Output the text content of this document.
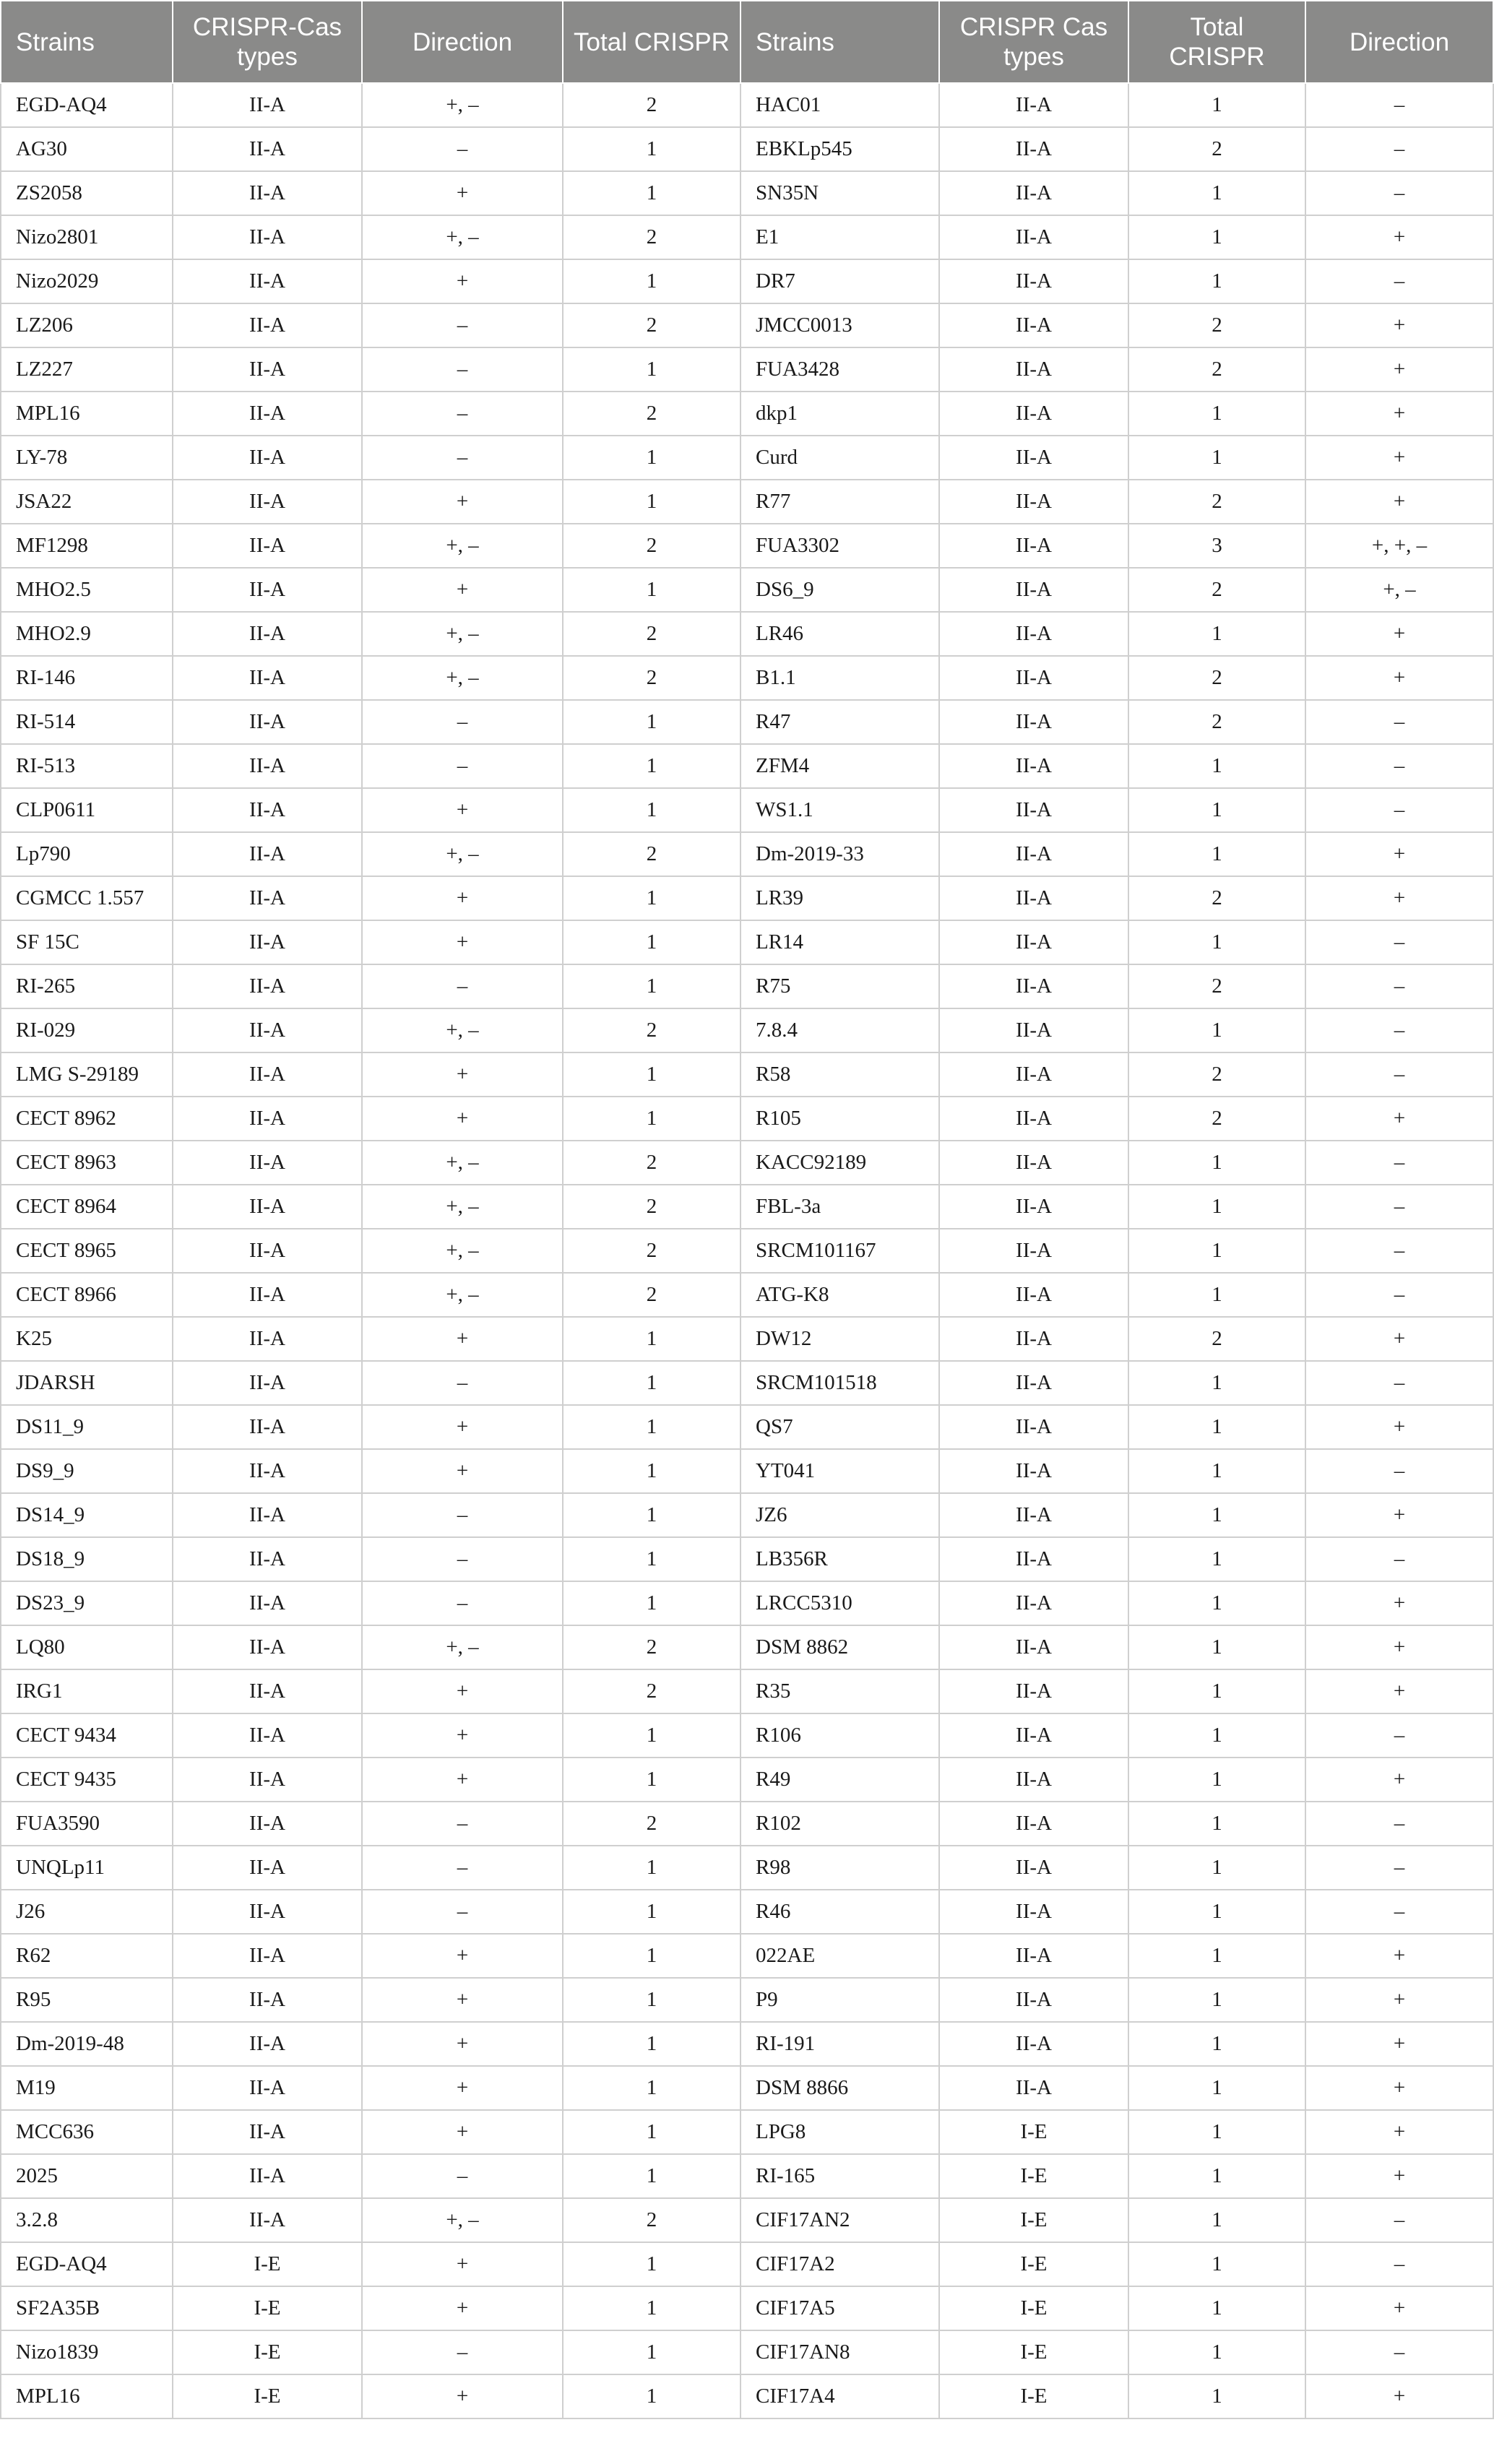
Strains	CRISPR-Cas types	Direction	Total CRISPR	Strains	CRISPR Cas types	Total CRISPR	Direction
EGD-AQ4	II-A	+, –	2	HAC01	II-A	1	–
AG30	II-A	–	1	EBKLp545	II-A	2	–
ZS2058	II-A	+	1	SN35N	II-A	1	–
Nizo2801	II-A	+, –	2	E1	II-A	1	+
Nizo2029	II-A	+	1	DR7	II-A	1	–
LZ206	II-A	–	2	JMCC0013	II-A	2	+
LZ227	II-A	–	1	FUA3428	II-A	2	+
MPL16	II-A	–	2	dkp1	II-A	1	+
LY-78	II-A	–	1	Curd	II-A	1	+
JSA22	II-A	+	1	R77	II-A	2	+
MF1298	II-A	+, –	2	FUA3302	II-A	3	+, +, –
MHO2.5	II-A	+	1	DS6_9	II-A	2	+, –
MHO2.9	II-A	+, –	2	LR46	II-A	1	+
RI-146	II-A	+, –	2	B1.1	II-A	2	+
RI-514	II-A	–	1	R47	II-A	2	–
RI-513	II-A	–	1	ZFM4	II-A	1	–
CLP0611	II-A	+	1	WS1.1	II-A	1	–
Lp790	II-A	+, –	2	Dm-2019-33	II-A	1	+
CGMCC 1.557	II-A	+	1	LR39	II-A	2	+
SF 15C	II-A	+	1	LR14	II-A	1	–
RI-265	II-A	–	1	R75	II-A	2	–
RI-029	II-A	+, –	2	7.8.4	II-A	1	–
LMG S-29189	II-A	+	1	R58	II-A	2	–
CECT 8962	II-A	+	1	R105	II-A	2	+
CECT 8963	II-A	+, –	2	KACC92189	II-A	1	–
CECT 8964	II-A	+, –	2	FBL-3a	II-A	1	–
CECT 8965	II-A	+, –	2	SRCM101167	II-A	1	–
CECT 8966	II-A	+, –	2	ATG-K8	II-A	1	–
K25	II-A	+	1	DW12	II-A	2	+
JDARSH	II-A	–	1	SRCM101518	II-A	1	–
DS11_9	II-A	+	1	QS7	II-A	1	+
DS9_9	II-A	+	1	YT041	II-A	1	–
DS14_9	II-A	–	1	JZ6	II-A	1	+
DS18_9	II-A	–	1	LB356R	II-A	1	–
DS23_9	II-A	–	1	LRCC5310	II-A	1	+
LQ80	II-A	+, –	2	DSM 8862	II-A	1	+
IRG1	II-A	+	2	R35	II-A	1	+
CECT 9434	II-A	+	1	R106	II-A	1	–
CECT 9435	II-A	+	1	R49	II-A	1	+
FUA3590	II-A	–	2	R102	II-A	1	–
UNQLp11	II-A	–	1	R98	II-A	1	–
J26	II-A	–	1	R46	II-A	1	–
R62	II-A	+	1	022AE	II-A	1	+
R95	II-A	+	1	P9	II-A	1	+
Dm-2019-48	II-A	+	1	RI-191	II-A	1	+
M19	II-A	+	1	DSM 8866	II-A	1	+
MCC636	II-A	+	1	LPG8	I-E	1	+
2025	II-A	–	1	RI-165	I-E	1	+
3.2.8	II-A	+, –	2	CIF17AN2	I-E	1	–
EGD-AQ4	I-E	+	1	CIF17A2	I-E	1	–
SF2A35B	I-E	+	1	CIF17A5	I-E	1	+
Nizo1839	I-E	–	1	CIF17AN8	I-E	1	–
MPL16	I-E	+	1	CIF17A4	I-E	1	+
